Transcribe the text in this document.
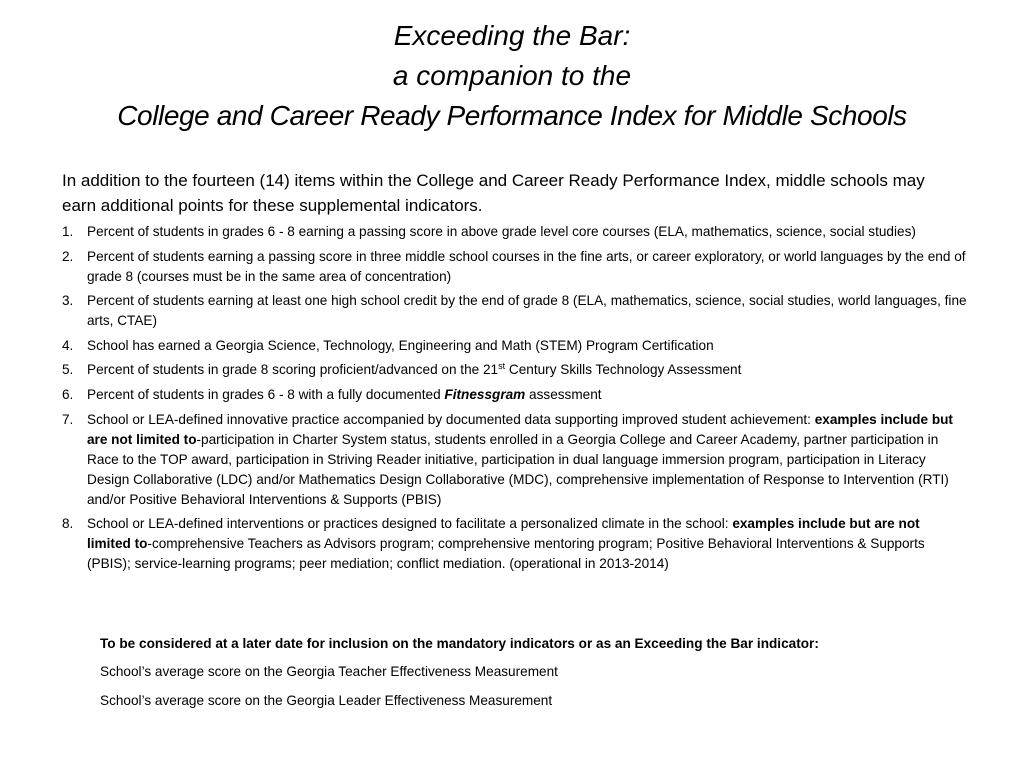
Exceeding the Bar:
a companion to the
College and Career Ready Performance Index for Middle Schools

In addition to the fourteen (14) items within the College and Career Ready Performance Index, middle schools may earn additional points for these supplemental indicators.

1. Percent of students in grades 6 - 8 earning a passing score in above grade level core courses (ELA, mathematics, science, social studies)
2. Percent of students earning a passing score in three middle school courses in the fine arts, or career exploratory, or world languages by the end of grade 8 (courses must be in the same area of concentration)
3. Percent of students earning at least one high school credit by the end of grade 8 (ELA, mathematics, science, social studies, world languages, fine arts, CTAE)
4. School has earned a Georgia Science, Technology, Engineering and Math (STEM) Program Certification
5. Percent of students in grade 8 scoring proficient/advanced on the 21st Century Skills Technology Assessment
6. Percent of students in grades 6 - 8 with a fully documented Fitnessgram assessment
7. School or LEA-defined innovative practice accompanied by documented data supporting improved student achievement: examples include but are not limited to-participation in Charter System status, students enrolled in a Georgia College and Career Academy, partner participation in Race to the TOP award, participation in Striving Reader initiative, participation in dual language immersion program, participation in Literacy Design Collaborative (LDC) and/or Mathematics Design Collaborative (MDC), comprehensive implementation of Response to Intervention (RTI) and/or Positive Behavioral Interventions & Supports (PBIS)
8. School or LEA-defined interventions or practices designed to facilitate a personalized climate in the school: examples include but are not limited to-comprehensive Teachers as Advisors program; comprehensive mentoring program; Positive Behavioral Interventions & Supports (PBIS); service-learning programs; peer mediation; conflict mediation. (operational in 2013-2014)
To be considered at a later date for inclusion on the mandatory indicators or as an Exceeding the Bar indicator:
School’s average score on the Georgia Teacher Effectiveness Measurement
School’s average score on the Georgia Leader Effectiveness Measurement
